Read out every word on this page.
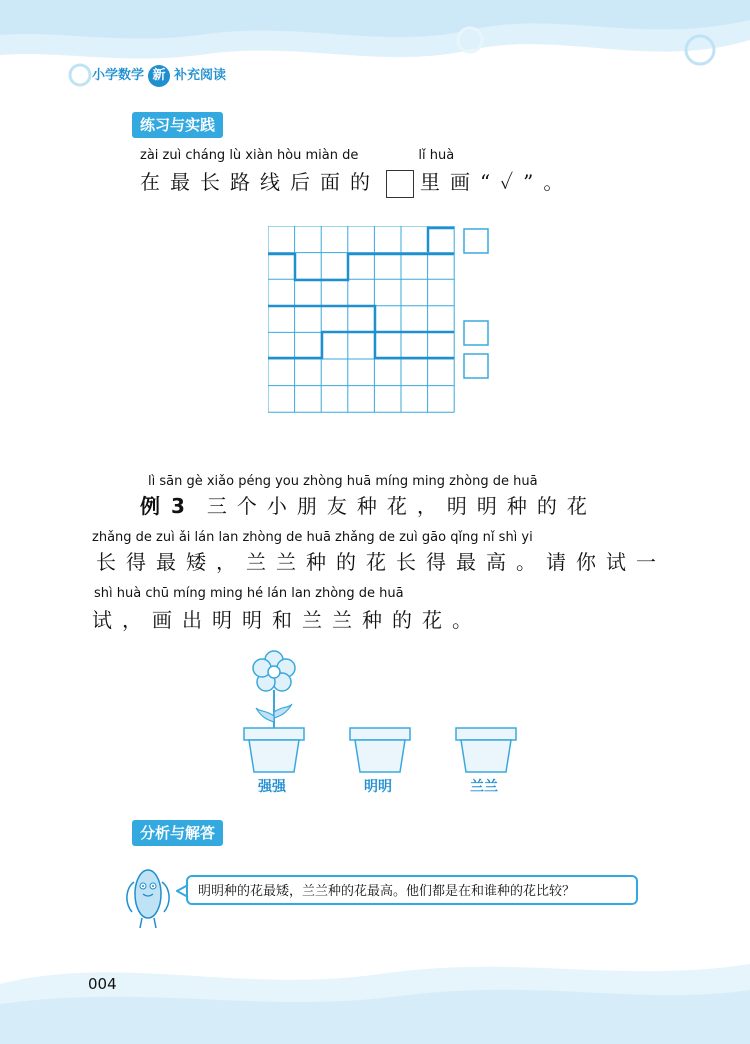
小学数学 新 补充阅读
练习与实践
zài zuì cháng lù xiàn hòu miàn de	lǐ huà
在最长路线后面的 里画“✓”。
lì sān gè xiǎo péng you zhòng huā míng ming zhòng de huā
例 3 三个小朋友种花，明明种的花
zhǎng de zuì ǎi lán lan zhòng de huā zhǎng de zuì gāo qǐng nǐ shì yi
长得最矮，兰兰种的花长得最高。请你试一
shì huà chū míng ming hé lán lan zhòng de huā
试，画出明明和兰兰种的花。
强强	明明	兰兰
分析与解答
明明种的花最矮，兰兰种的花最高。他们都是在和谁种的花比较？
004
